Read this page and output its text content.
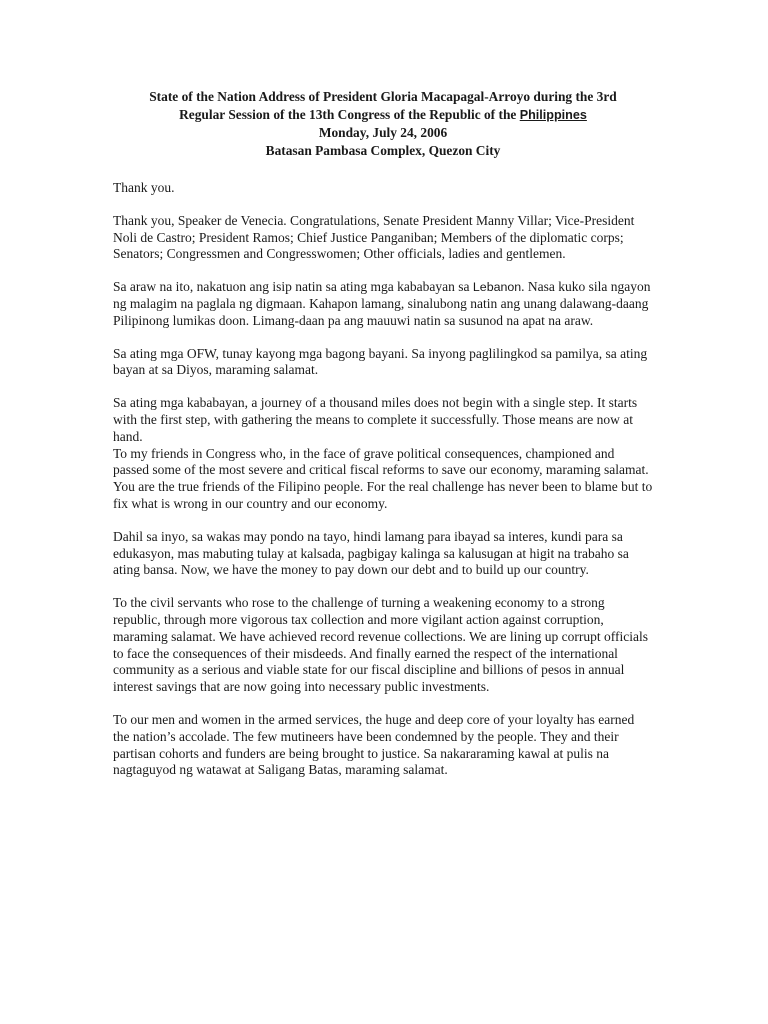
State of the Nation Address of President Gloria Macapagal-Arroyo during the 3rd
Regular Session of the 13th Congress of the Republic of the Philippines
Monday, July 24, 2006
Batasan Pambasa Complex, Quezon City

Thank you.

Thank you, Speaker de Venecia. Congratulations, Senate President Manny Villar; Vice-President Noli de Castro; President Ramos; Chief Justice Panganiban; Members of the diplomatic corps; Senators; Congressmen and Congresswomen; Other officials, ladies and gentlemen.

Sa araw na ito, nakatuon ang isip natin sa ating mga kababayan sa Lebanon. Nasa kuko sila ngayon ng malagim na paglala ng digmaan. Kahapon lamang, sinalubong natin ang unang dalawang-daang Pilipinong lumikas doon. Limang-daan pa ang mauuwi natin sa susunod na apat na araw.

Sa ating mga OFW, tunay kayong mga bagong bayani. Sa inyong paglilingkod sa pamilya, sa ating bayan at sa Diyos, maraming salamat.

Sa ating mga kababayan, a journey of a thousand miles does not begin with a single step. It starts with the first step, with gathering the means to complete it successfully. Those means are now at hand.

To my friends in Congress who, in the face of grave political consequences, championed and passed some of the most severe and critical fiscal reforms to save our economy, maraming salamat. You are the true friends of the Filipino people. For the real challenge has never been to blame but to fix what is wrong in our country and our economy.

Dahil sa inyo, sa wakas may pondo na tayo, hindi lamang para ibayad sa interes, kundi para sa edukasyon, mas mabuting tulay at kalsada, pagbigay kalinga sa kalusugan at higit na trabaho sa ating bansa. Now, we have the money to pay down our debt and to build up our country.

To the civil servants who rose to the challenge of turning a weakening economy to a strong republic, through more vigorous tax collection and more vigilant action against corruption, maraming salamat. We have achieved record revenue collections. We are lining up corrupt officials to face the consequences of their misdeeds. And finally earned the respect of the international community as a serious and viable state for our fiscal discipline and billions of pesos in annual interest savings that are now going into necessary public investments.

To our men and women in the armed services, the huge and deep core of your loyalty has earned the nation’s accolade. The few mutineers have been condemned by the people. They and their partisan cohorts and funders are being brought to justice. Sa nakararaming kawal at pulis na nagtaguyod ng watawat at Saligang Batas, maraming salamat.
